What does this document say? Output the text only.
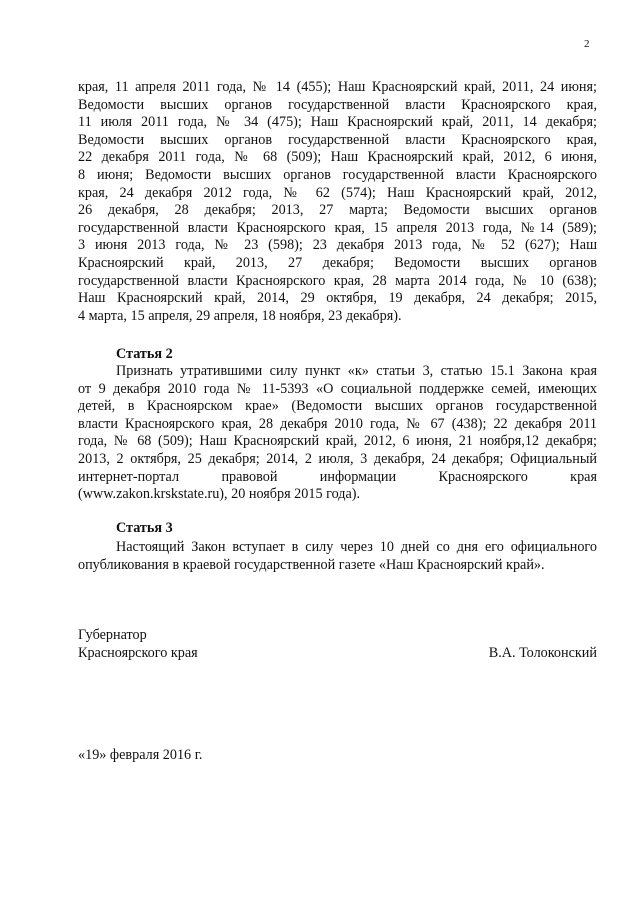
2
края, 11 апреля 2011 года, № 14 (455); Наш Красноярский край, 2011, 24 июня;
Ведомости высших органов государственной власти Красноярского края,
11 июля 2011 года, № 34 (475); Наш Красноярский край, 2011, 14 декабря;
Ведомости высших органов государственной власти Красноярского края,
22 декабря 2011 года, № 68 (509); Наш Красноярский край, 2012, 6 июня,
8 июня; Ведомости высших органов государственной власти Красноярского
края, 24 декабря 2012 года, № 62 (574); Наш Красноярский край, 2012,
26 декабря, 28 декабря; 2013, 27 марта; Ведомости высших органов
государственной власти Красноярского края, 15 апреля 2013 года, №14 (589);
3 июня 2013 года, № 23 (598); 23 декабря 2013 года, № 52 (627); Наш
Красноярский край, 2013, 27 декабря; Ведомости высших органов
государственной власти Красноярского края, 28 марта 2014 года, № 10 (638);
Наш Красноярский край, 2014, 29 октября, 19 декабря, 24 декабря; 2015,
4 марта, 15 апреля, 29 апреля, 18 ноября, 23 декабря).
Статья 2
Признать утратившими силу пункт «к» статьи 3, статью 15.1 Закона края
от 9 декабря 2010 года № 11-5393 «О социальной поддержке семей, имеющих
детей, в Красноярском крае» (Ведомости высших органов государственной
власти Красноярского края, 28 декабря 2010 года, № 67 (438); 22 декабря 2011
года, № 68 (509); Наш Красноярский край, 2012, 6 июня, 21 ноября,12 декабря;
2013, 2 октября, 25 декабря; 2014, 2 июля, 3 декабря, 24 декабря; Официальный
интернет-портал правовой информации Красноярского края
(www.zakon.krskstate.ru), 20 ноября 2015 года).
Статья 3
Настоящий Закон вступает в силу через 10 дней со дня его официального
опубликования в краевой государственной газете «Наш Красноярский край».
Губернатор
Красноярского края	В.А. Толоконский
«19» февраля 2016 г.
